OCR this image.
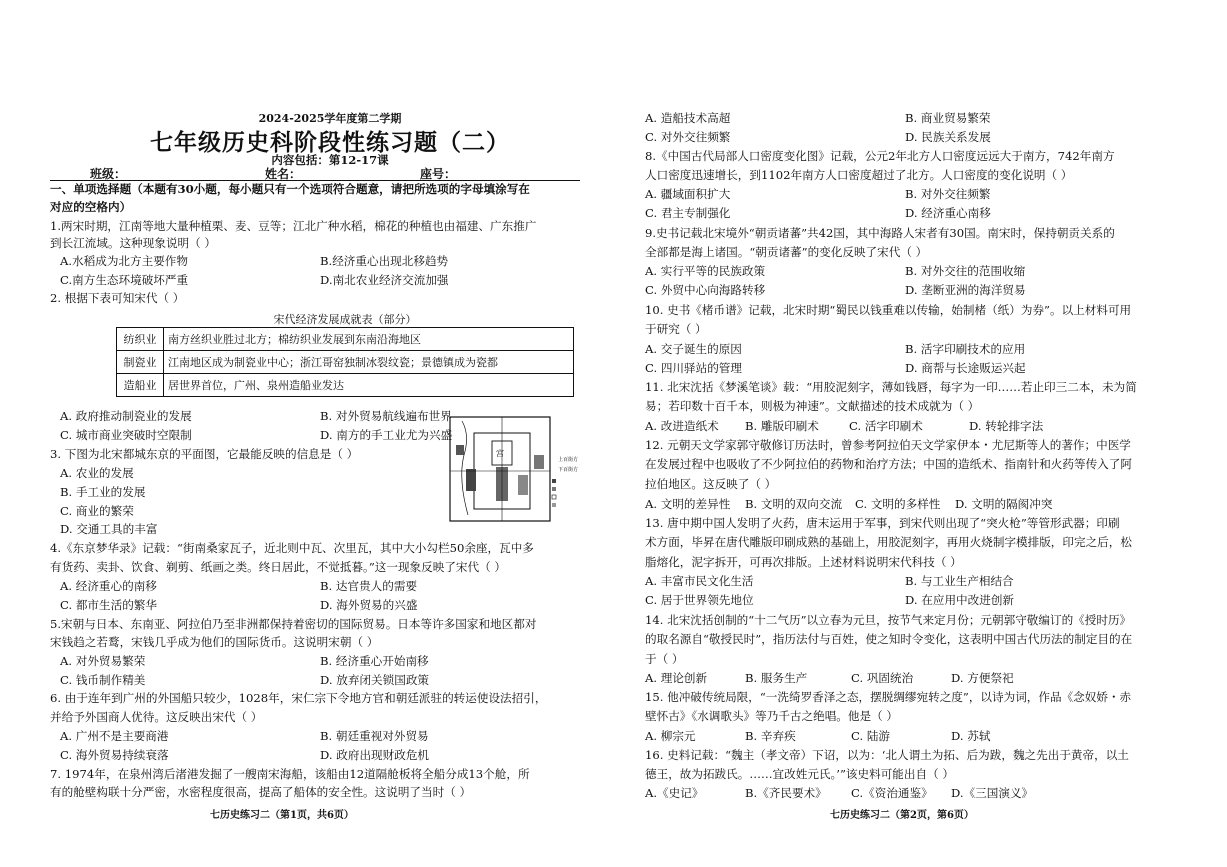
2024-2025学年度第二学期
七年级历史科阶段性练习题（二）
内容包括：第12-17课
班级：	姓名：	座号：
一、单项选择题（本题有30小题，每小题只有一个选项符合题意，请把所选项的字母填涂写在
对应的空格内）
1.两宋时期，江南等地大量种植栗、麦、豆等；江北广种水稻，棉花的种植也由福建、广东推广
到长江流域。这种现象说明（ ）
A.水稻成为北方主要作物	B.经济重心出现北移趋势
C.南方生态环境破坏严重	D.南北农业经济交流加强
2. 根据下表可知宋代（ ）
宋代经济发展成就表（部分）
纺织业	南方丝织业胜过北方；棉纺织业发展到东南沿海地区
制瓷业	江南地区成为制瓷业中心；浙江哥窑独制冰裂纹瓷；景德镇成为瓷都
造船业	居世界首位，广州、泉州造船业发达
A. 政府推动制瓷业的发展	B. 对外贸易航线遍布世界
C. 城市商业突破时空限制	D. 南方的手工业尤为兴盛
3. 下图为北宋都城东京的平面图，它最能反映的信息是（ ）
A. 农业的发展
B. 手工业的发展
C. 商业的繁荣
D. 交通工具的丰富
宫
上百街方
下百街方
4.《东京梦华录》记载：“街南桑家瓦子，近北则中瓦、次里瓦，其中大小勾栏50余座，瓦中多
有货药、卖卦、饮食、剃剪、纸画之类。终日居此，不觉抵暮。”这一现象反映了宋代（ ）
A. 经济重心的南移	B. 达官贵人的需要
C. 都市生活的繁华	D. 海外贸易的兴盛
5.宋朝与日本、东南亚、阿拉伯乃至非洲都保持着密切的国际贸易。日本等许多国家和地区都对
宋钱趋之若鹜，宋钱几乎成为他们的国际货币。这说明宋朝（ ）
A. 对外贸易繁荣	B. 经济重心开始南移
C. 钱币制作精美	D. 放弃闭关锁国政策
6. 由于连年到广州的外国船只较少，1028年，宋仁宗下令地方官和朝廷派驻的转运使设法招引，
并给予外国商人优待。这反映出宋代（ ）
A. 广州不是主要商港	B. 朝廷重视对外贸易
C. 海外贸易持续衰落	D. 政府出现财政危机
7. 1974年，在泉州湾后渚港发掘了一艘南宋海船，该船由12道隔舱板将全船分成13个舱，所
有的舱壁构联十分严密，水密程度很高，提高了船体的安全性。这说明了当时（ ）
七历史练习二（第1页，共6页）
A. 造船技术高超	B. 商业贸易繁荣
C. 对外交往频繁	D. 民族关系发展
8.《中国古代局部人口密度变化图》记载，公元2年北方人口密度远远大于南方，742年南方
人口密度迅速增长，到1102年南方人口密度超过了北方。人口密度的变化说明（ ）
A. 疆域面积扩大	B. 对外交往频繁
C. 君主专制强化	D. 经济重心南移
9.史书记载北宋境外“朝贡诸蕃”共42国，其中海路人宋者有30国。南宋时，保持朝贡关系的
全部都是海上诸国。“朝贡诸蕃”的变化反映了宋代（ ）
A. 实行平等的民族政策	B. 对外交往的范围收缩
C. 外贸中心向海路转移	D. 垄断亚洲的海洋贸易
10. 史书《楮币谱》记载，北宋时期“蜀民以钱重难以传输，始制楮（纸）为券”。以上材料可用
于研究（ ）
A. 交子诞生的原因	B. 活字印刷技术的应用
C. 四川驿站的管理	D. 商帮与长途贩运兴起
11. 北宋沈括《梦溪笔谈》载：“用胶泥刻字，薄如钱唇，每字为一印……若止印三二本，未为简
易；若印数十百千本，则极为神速”。文献描述的技术成就为（ ）
A. 改进造纸术	B. 雕版印刷术	C. 活字印刷术	D. 转轮排字法
12. 元朝天文学家郭守敬修订历法时，曾参考阿拉伯天文学家伊本・尤尼斯等人的著作；中医学
在发展过程中也吸收了不少阿拉伯的药物和治疗方法；中国的造纸术、指南针和火药等传入了阿
拉伯地区。这反映了（ ）
A. 文明的差异性	B. 文明的双向交流	C. 文明的多样性	D. 文明的隔阂冲突
13. 唐中期中国人发明了火药，唐末运用于军事，到宋代则出现了“突火枪”等管形武器；印刷
术方面，毕昇在唐代雕版印刷成熟的基础上，用胶泥刻字，再用火烧制字模排版，印完之后，松
脂熔化，泥字拆开，可再次排版。上述材料说明宋代科技（ ）
A. 丰富市民文化生活	B. 与工业生产相结合
C. 居于世界领先地位	D. 在应用中改进创新
14. 北宋沈括创制的“十二气历”以立春为元旦，按节气来定月份；元朝郭守敬编订的《授时历》
的取名源自“敬授民时”，指历法付与百姓，使之知时令变化，这表明中国古代历法的制定目的在
于（ ）
A. 理论创新	B. 服务生产	C. 巩固统治	D. 方便祭祀
15. 他冲破传统局限，“一洗绮罗香泽之态，摆脱绸缪宛转之度”，以诗为词，作品《念奴娇・赤
壁怀古》《水调歌头》等乃千古之绝唱。他是（ ）
A. 柳宗元	B. 辛弃疾	C. 陆游	D. 苏轼
16. 史料记载：“魏主（孝文帝）下诏，以为：‘北人谓土为拓、后为跋，魏之先出于黄帝，以土
德王，故为拓跋氏。……宜改姓元氏。’”该史料可能出自（ ）
A.《史记》	B.《齐民要术》	C.《资治通鉴》	D.《三国演义》
七历史练习二（第2页，第6页）
